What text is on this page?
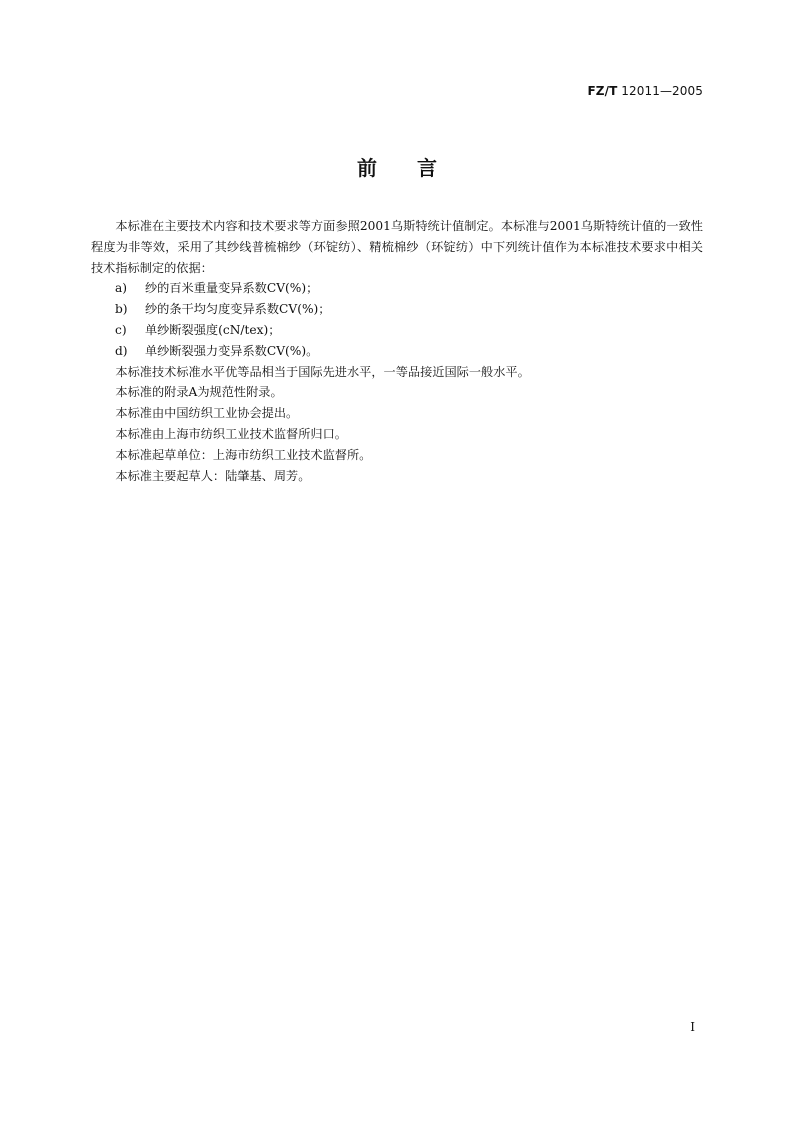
FZ/T 12011—2005
前言

本标准在主要技术内容和技术要求等方面参照2001乌斯特统计值制定。本标准与2001乌斯特统计值的一致性程度为非等效，采用了其纱线普梳棉纱（环锭纺）、精梳棉纱（环锭纺）中下列统计值作为本标准技术要求中相关技术指标制定的依据：

a) 纱的百米重量变异系数CV(%)；

b) 纱的条干均匀度变异系数CV(%)；

c) 单纱断裂强度(cN/tex)；

d) 单纱断裂强力变异系数CV(%)。

本标准技术标准水平优等品相当于国际先进水平，一等品接近国际一般水平。

本标准的附录A为规范性附录。

本标准由中国纺织工业协会提出。

本标准由上海市纺织工业技术监督所归口。

本标准起草单位：上海市纺织工业技术监督所。

本标准主要起草人：陆肇基、周芳。

I
